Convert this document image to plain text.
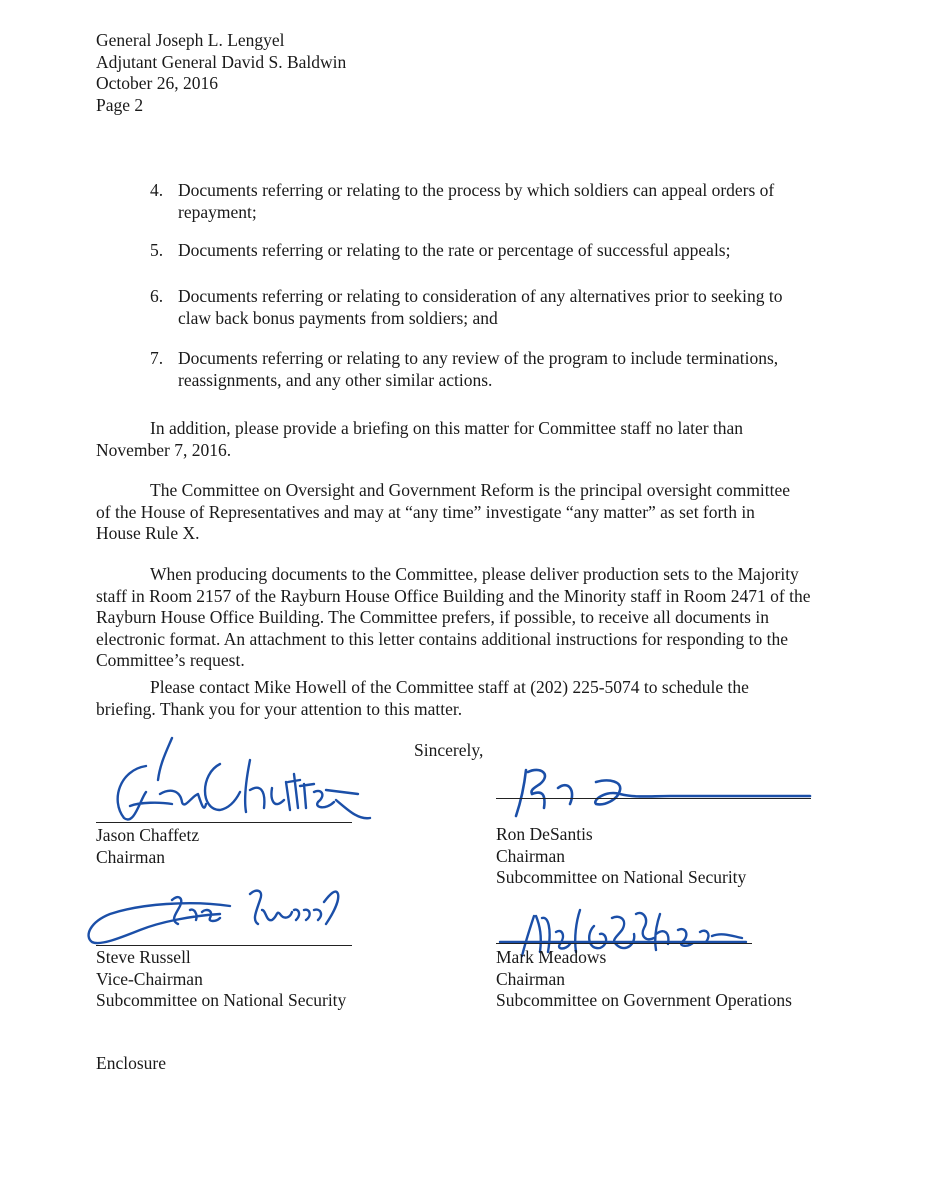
General Joseph L. Lengyel
Adjutant General David S. Baldwin
October 26, 2016
Page 2
4. Documents referring or relating to the process by which soldiers can appeal orders of repayment;
5. Documents referring or relating to the rate or percentage of successful appeals;
6. Documents referring or relating to consideration of any alternatives prior to seeking to claw back bonus payments from soldiers; and
7. Documents referring or relating to any review of the program to include terminations, reassignments, and any other similar actions.
In addition, please provide a briefing on this matter for Committee staff no later than November 7, 2016.
The Committee on Oversight and Government Reform is the principal oversight committee of the House of Representatives and may at “any time” investigate “any matter” as set forth in House Rule X.
When producing documents to the Committee, please deliver production sets to the Majority staff in Room 2157 of the Rayburn House Office Building and the Minority staff in Room 2471 of the Rayburn House Office Building. The Committee prefers, if possible, to receive all documents in electronic format. An attachment to this letter contains additional instructions for responding to the Committee’s request.
Please contact Mike Howell of the Committee staff at (202) 225-5074 to schedule the briefing. Thank you for your attention to this matter.
Sincerely,
Jason Chaffetz
Chairman
Ron DeSantis
Chairman
Subcommittee on National Security
Steve Russell
Vice-Chairman
Subcommittee on National Security
Mark Meadows
Chairman
Subcommittee on Government Operations
Enclosure
